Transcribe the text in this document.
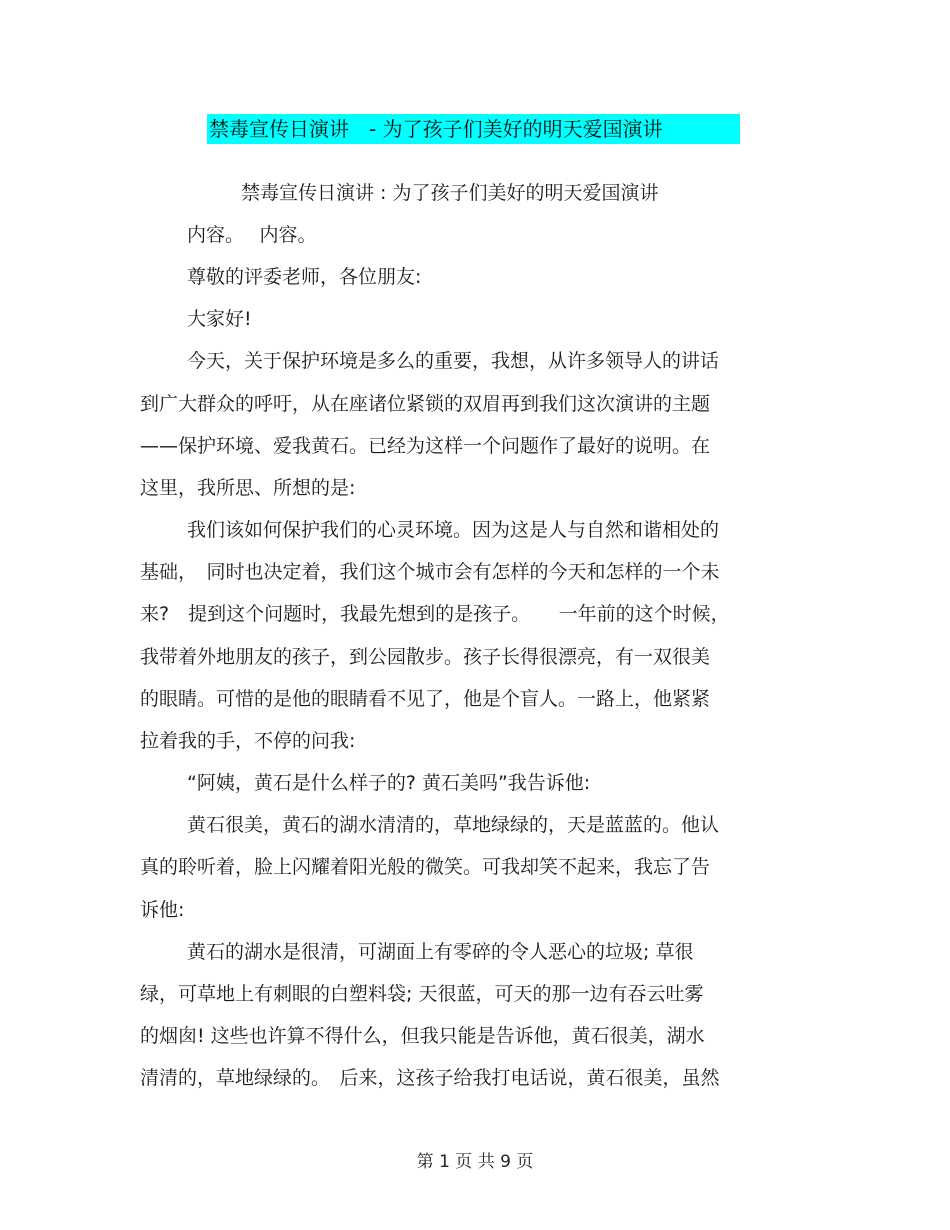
禁毒宣传日演讲　- 为了孩子们美好的明天爱国演讲
禁毒宣传日演讲 : 为了孩子们美好的明天爱国演讲
内容。　 内容。
尊敬的评委老师，各位朋友:
大家好!
今天，关于保护环境是多么的重要，我想，从许多领导人的讲话
到广大群众的呼吁，从在座诸位紧锁的双眉再到我们这次演讲的主题
——保护环境、爱我黄石。已经为这样一个问题作了最好的说明。在
这里，我所思、所想的是:
我们该如何保护我们的心灵环境。因为这是人与自然和谐相处的
基础，　同时也决定着，我们这个城市会有怎样的今天和怎样的一个未
来?　提到这个问题时，我最先想到的是孩子。　　一年前的这个时候，
我带着外地朋友的孩子，到公园散步。孩子长得很漂亮，有一双很美
的眼睛。可惜的是他的眼睛看不见了，他是个盲人。一路上，他紧紧
拉着我的手，不停的问我:
“阿姨，黄石是什么样子的? 黄石美吗”我告诉他:
黄石很美，黄石的湖水清清的，草地绿绿的，天是蓝蓝的。他认
真的聆听着，脸上闪耀着阳光般的微笑。可我却笑不起来，我忘了告
诉他:
黄石的湖水是很清，可湖面上有零碎的令人恶心的垃圾; 草很
绿，可草地上有刺眼的白塑料袋; 天很蓝，可天的那一边有吞云吐雾
的烟囱! 这些也许算不得什么，但我只能是告诉他，黄石很美，湖水
清清的，草地绿绿的。　后来，这孩子给我打电话说，黄石很美，虽然
第 1 页 共 9 页
